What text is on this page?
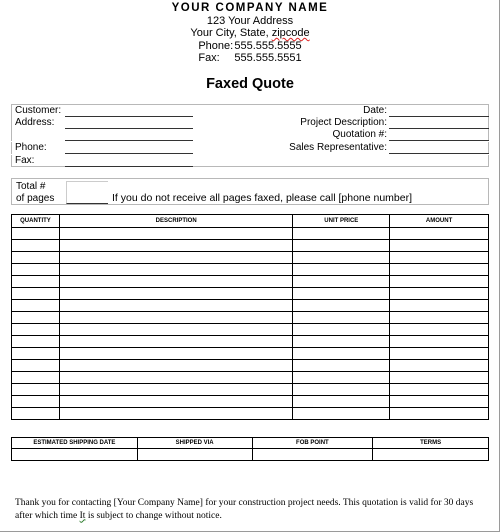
YOUR COMPANY NAME
123 Your Address
Your City, State, zipcode
Phone:555.555.5555
Fax: 555.555.5551
Faxed Quote
Customer:	Date:
Address:	Project Description:
Quotation #:
Phone:	Sales Representative:
Fax:
Total #
of pages	If you do not receive all pages faxed, please call [phone number]
QUANTITY	DESCRIPTION	UNIT PRICE	AMOUNT

ESTIMATED SHIPPING DATE	SHIPPED VIA	FOB POINT	TERMS

Thank you for contacting [Your Company Name] for your construction project needs. This quotation is valid for 30 days after which time It is subject to change without notice.
